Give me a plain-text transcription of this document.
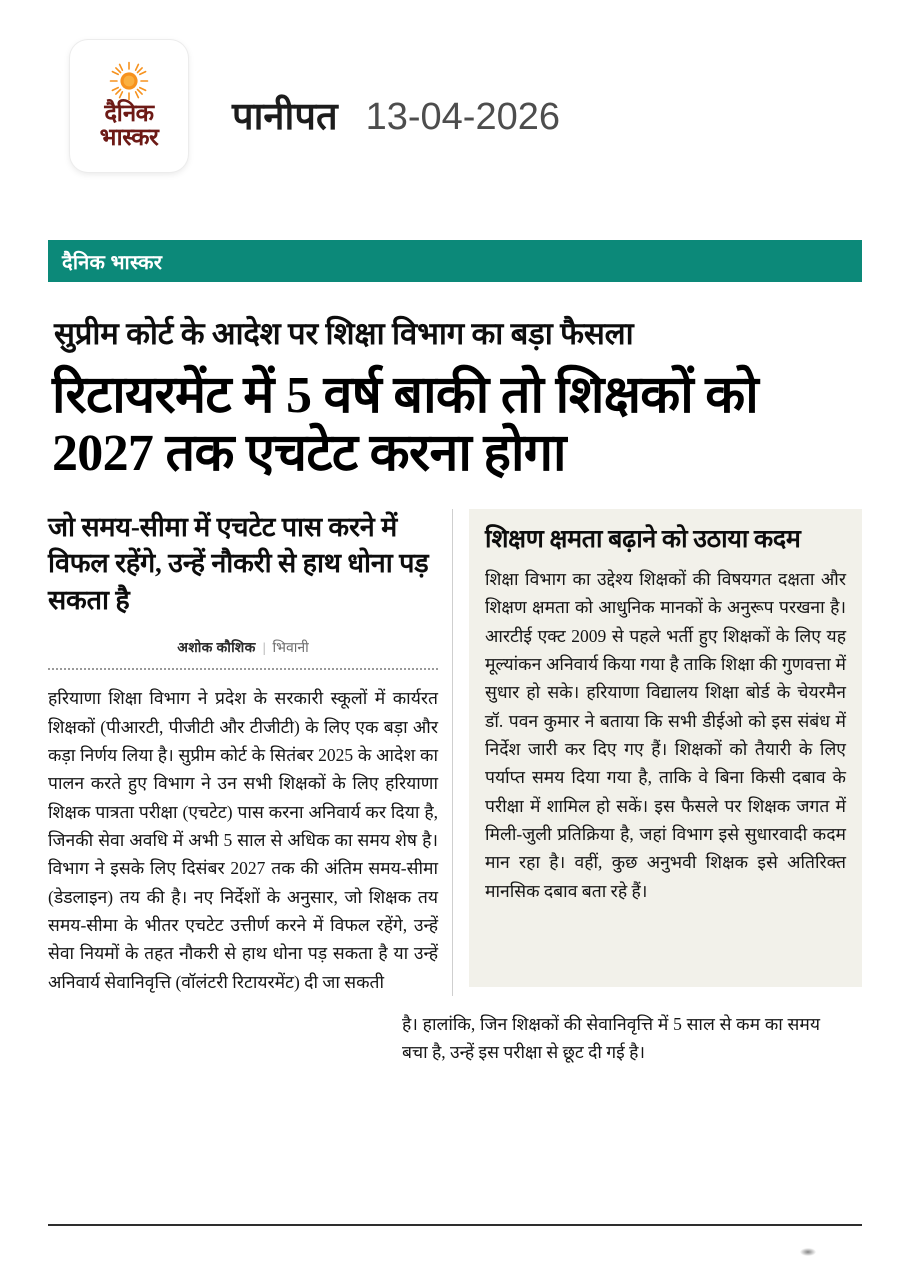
दैनिक
भास्कर पानीपत 13-04-2026
दैनिक भास्कर
सुप्रीम कोर्ट के आदेश पर शिक्षा विभाग का बड़ा फैसला
रिटायरमेंट में 5 वर्ष बाकी तो शिक्षकों को 2027 तक एचटेट करना होगा
जो समय-सीमा में एचटेट पास करने में विफल रहेंगे, उन्हें नौकरी से हाथ धोना पड़ सकता है
अशोक कौशिक | भिवानी
हरियाणा शिक्षा विभाग ने प्रदेश के सरकारी स्कूलों में कार्यरत शिक्षकों (पीआरटी, पीजीटी और टीजीटी) के लिए एक बड़ा और कड़ा निर्णय लिया है। सुप्रीम कोर्ट के सितंबर 2025 के आदेश का पालन करते हुए विभाग ने उन सभी शिक्षकों के लिए हरियाणा शिक्षक पात्रता परीक्षा (एचटेट) पास करना अनिवार्य कर दिया है, जिनकी सेवा अवधि में अभी 5 साल से अधिक का समय शेष है। विभाग ने इसके लिए दिसंबर 2027 तक की अंतिम समय-सीमा (डेडलाइन) तय की है। नए निर्देशों के अनुसार, जो शिक्षक तय समय-सीमा के भीतर एचटेट उत्तीर्ण करने में विफल रहेंगे, उन्हें सेवा नियमों के तहत नौकरी से हाथ धोना पड़ सकता है या उन्हें अनिवार्य सेवानिवृत्ति (वॉलंटरी रिटायरमेंट) दी जा सकती
शिक्षण क्षमता बढ़ाने को उठाया कदम
शिक्षा विभाग का उद्देश्य शिक्षकों की विषयगत दक्षता और शिक्षण क्षमता को आधुनिक मानकों के अनुरूप परखना है। आरटीई एक्ट 2009 से पहले भर्ती हुए शिक्षकों के लिए यह मूल्यांकन अनिवार्य किया गया है ताकि शिक्षा की गुणवत्ता में सुधार हो सके। हरियाणा विद्यालय शिक्षा बोर्ड के चेयरमैन डॉ. पवन कुमार ने बताया कि सभी डीईओ को इस संबंध में निर्देश जारी कर दिए गए हैं। शिक्षकों को तैयारी के लिए पर्याप्त समय दिया गया है, ताकि वे बिना किसी दबाव के परीक्षा में शामिल हो सकें। इस फैसले पर शिक्षक जगत में मिली-जुली प्रतिक्रिया है, जहां विभाग इसे सुधारवादी कदम मान रहा है। वहीं, कुछ अनुभवी शिक्षक इसे अतिरिक्त मानसिक दबाव बता रहे हैं।
है। हालांकि, जिन शिक्षकों की सेवानिवृत्ति में 5 साल से कम का समय बचा है, उन्हें इस परीक्षा से छूट दी गई है।
